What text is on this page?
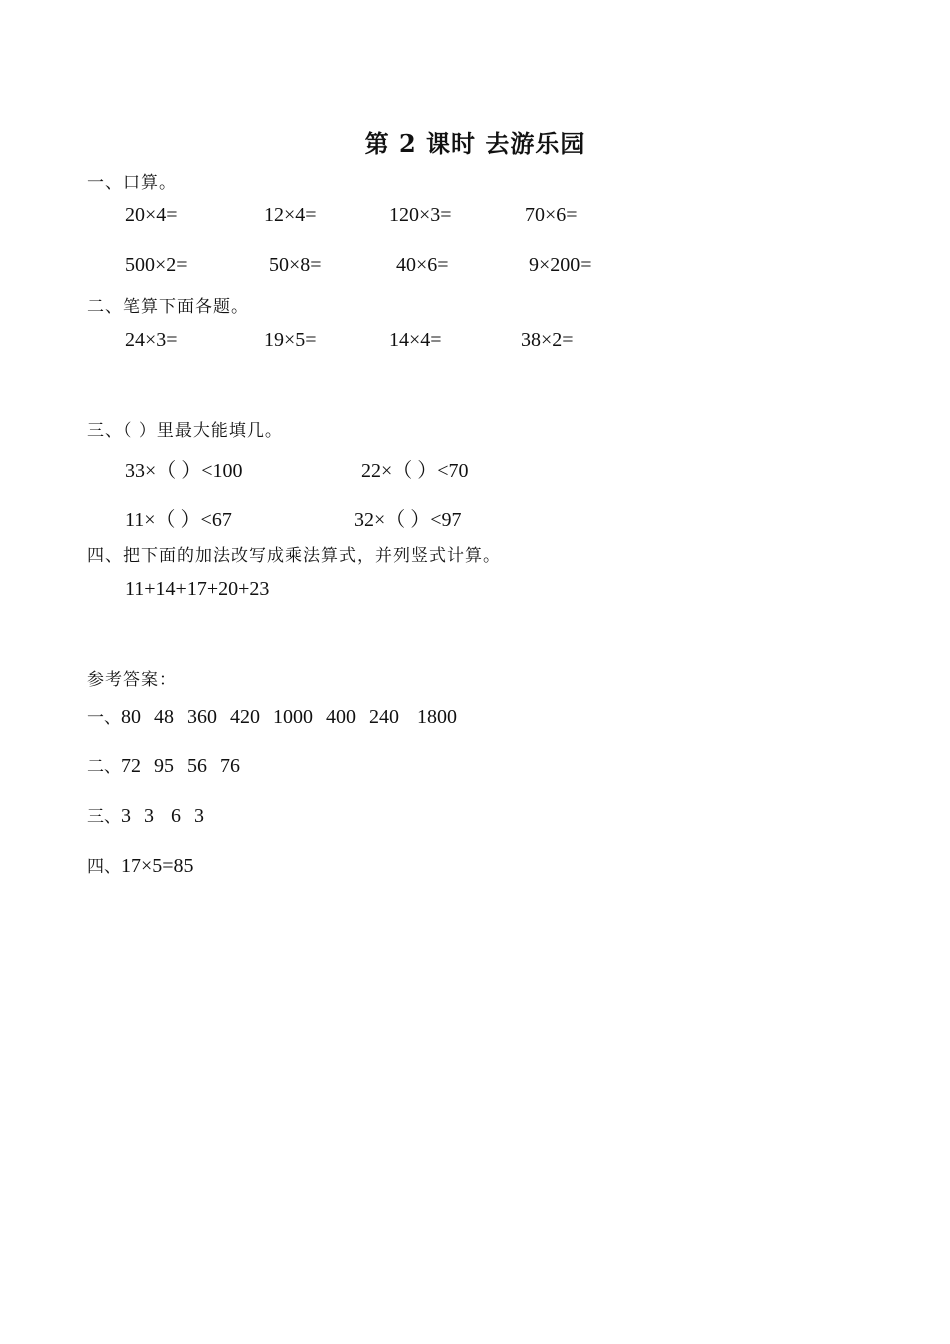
第 2 课时 去游乐园
一、口算。
20×4=	12×4=	120×3=	70×6=
500×2=	50×8=	40×6=	9×200=
二、笔算下面各题。
24×3=	19×5=	14×4=	38×2=
三、（ ）里最大能填几。
33×（ ）<100	22×（ ）<70
11×（ ）<67	32×（ ）<97
四、把下面的加法改写成乘法算式，并列竖式计算。
11+14+17+20+23
参考答案：
一、80 48 360 420 1000 400 240 1800
二、72 95 56 76
三、3 3 6 3
四、17×5=85
